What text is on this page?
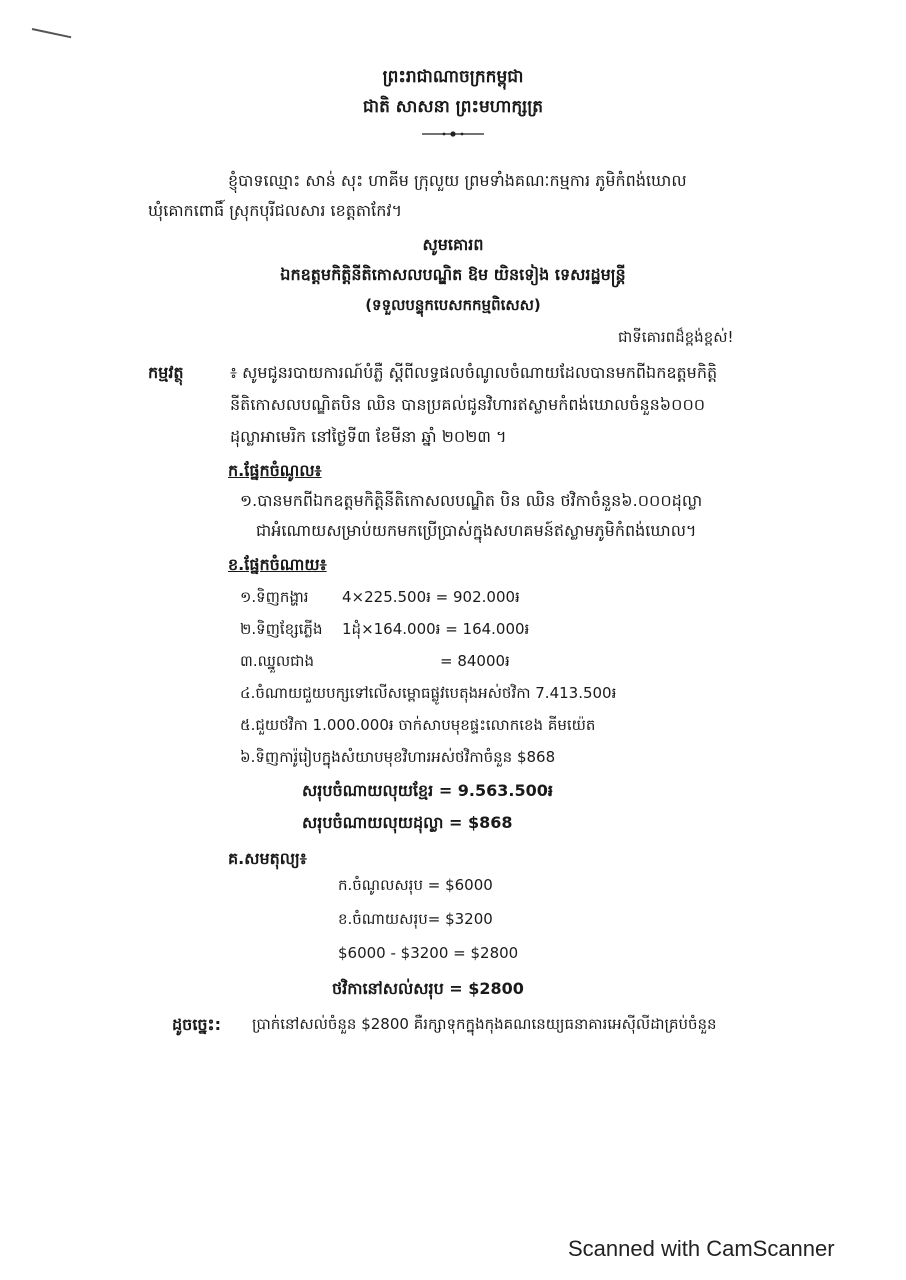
ព្រះរាជាណាចក្រកម្ពុជា
ជាតិ សាសនា ព្រះមហាក្សត្រ
ខ្ញុំបាទឈ្មោះ សាន់ សុះ ហាគីម ក្រុលួយ ព្រមទាំងគណៈកម្មការ ភូមិកំពង់ឃោល
ឃុំគោកពោធិ៍ ស្រុកបុរីជលសារ ខេត្តតាកែវ។
សូមគោរព
ឯកឧត្តមកិត្តិនីតិកោសលបណ្ឌិត ឱម យិនទៀង ទេសរដ្ឋមន្ត្រី
(ទទួលបន្ទុកបេសកកម្មពិសេស)
ជាទីគោរពដ៏ខ្ពង់ខ្ពស់!
កម្មវត្ថុ	៖ សូមជូនរបាយការណ៍បំភ្លឺ ស្តីពីលទ្ធផលចំណូលចំណាយដែលបានមកពីឯកឧត្តមកិត្តិ
នីតិកោសលបណ្ឌិតបិន ឈិន បានប្រគល់ជូនវិហារឥស្លាមកំពង់ឃោលចំនួន៦០០០
ដុល្លាអាមេរិក នៅថ្ងៃទី៣ ខែមីនា ឆ្នាំ ២០២៣ ។
ក.ផ្នែកចំណូល៖
១.បានមកពីឯកឧត្តមកិត្តិនីតិកោសលបណ្ឌិត បិន ឈិន ថវិកាចំនួន៦.០០០ដុល្លា
ជាអំណោយសម្រាប់យកមកប្រើប្រាស់ក្នុងសហគមន៍ឥស្លាមភូមិកំពង់ឃោល។
ខ.ផ្នែកចំណាយ៖
១.ទិញកង្ហារ 4×225.500៛ = 902.000៛
២.ទិញខ្សែភ្លើង 1ដុំ×164.000៛ = 164.000៛
៣.ឈ្នួលជាង	= 84000៛
៤.ចំណាយជួយបក្សទៅលើសម្ពោធផ្លូវបេតុងអស់ថវិកា 7.413.500៛
៥.ជួយថវិកា 1.000.000៛ ចាក់សាបមុខផ្ទះលោកខេង គីមយ៉េត
៦.ទិញការ៉ូរៀបក្នុងសំយាបមុខវិហារអស់ថវិកាចំនួន $868
សរុបចំណាយលុយខ្មែរ = 9.563.500៛
សរុបចំណាយលុយដុល្លា = $868
គ.សមតុល្យ៖
ក.ចំណូលសរុប = $6000
ខ.ចំណាយសរុប= $3200
$6000 - $3200 = $2800
ថវិកានៅសល់សរុប = $2800
ដូចច្នេះ: ប្រាក់នៅសល់ចំនួន $2800 គឺរក្សាទុកក្នុងកុងគណនេយ្យធនាគារអេស៊ីលីដាគ្រប់ចំនួន
Scanned with CamScanner
